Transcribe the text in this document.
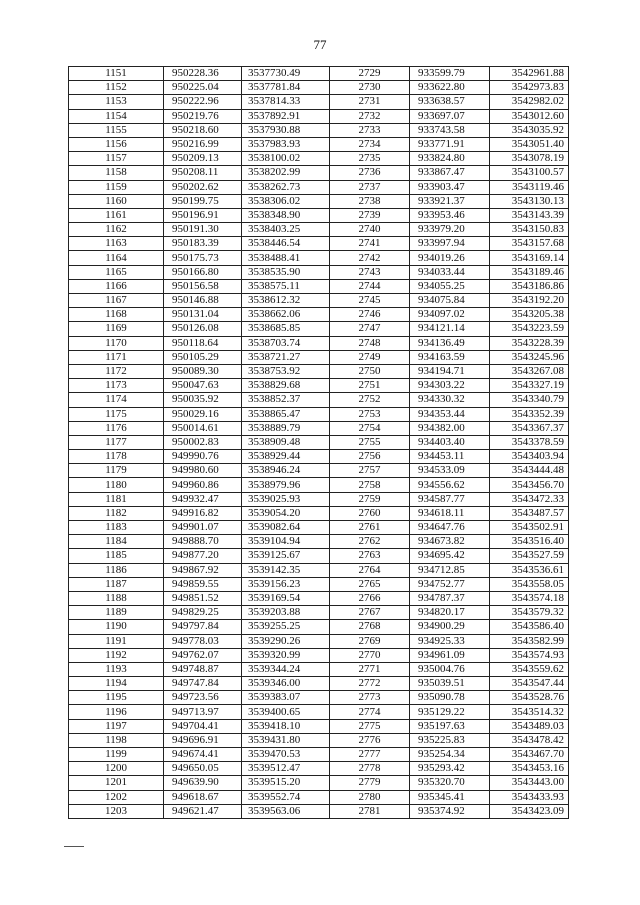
77
1151	950228.36	3537730.49	2729	933599.79	3542961.88
1152	950225.04	3537781.84	2730	933622.80	3542973.83
1153	950222.96	3537814.33	2731	933638.57	3542982.02
1154	950219.76	3537892.91	2732	933697.07	3543012.60
1155	950218.60	3537930.88	2733	933743.58	3543035.92
1156	950216.99	3537983.93	2734	933771.91	3543051.40
1157	950209.13	3538100.02	2735	933824.80	3543078.19
1158	950208.11	3538202.99	2736	933867.47	3543100.57
1159	950202.62	3538262.73	2737	933903.47	3543119.46
1160	950199.75	3538306.02	2738	933921.37	3543130.13
1161	950196.91	3538348.90	2739	933953.46	3543143.39
1162	950191.30	3538403.25	2740	933979.20	3543150.83
1163	950183.39	3538446.54	2741	933997.94	3543157.68
1164	950175.73	3538488.41	2742	934019.26	3543169.14
1165	950166.80	3538535.90	2743	934033.44	3543189.46
1166	950156.58	3538575.11	2744	934055.25	3543186.86
1167	950146.88	3538612.32	2745	934075.84	3543192.20
1168	950131.04	3538662.06	2746	934097.02	3543205.38
1169	950126.08	3538685.85	2747	934121.14	3543223.59
1170	950118.64	3538703.74	2748	934136.49	3543228.39
1171	950105.29	3538721.27	2749	934163.59	3543245.96
1172	950089.30	3538753.92	2750	934194.71	3543267.08
1173	950047.63	3538829.68	2751	934303.22	3543327.19
1174	950035.92	3538852.37	2752	934330.32	3543340.79
1175	950029.16	3538865.47	2753	934353.44	3543352.39
1176	950014.61	3538889.79	2754	934382.00	3543367.37
1177	950002.83	3538909.48	2755	934403.40	3543378.59
1178	949990.76	3538929.44	2756	934453.11	3543403.94
1179	949980.60	3538946.24	2757	934533.09	3543444.48
1180	949960.86	3538979.96	2758	934556.62	3543456.70
1181	949932.47	3539025.93	2759	934587.77	3543472.33
1182	949916.82	3539054.20	2760	934618.11	3543487.57
1183	949901.07	3539082.64	2761	934647.76	3543502.91
1184	949888.70	3539104.94	2762	934673.82	3543516.40
1185	949877.20	3539125.67	2763	934695.42	3543527.59
1186	949867.92	3539142.35	2764	934712.85	3543536.61
1187	949859.55	3539156.23	2765	934752.77	3543558.05
1188	949851.52	3539169.54	2766	934787.37	3543574.18
1189	949829.25	3539203.88	2767	934820.17	3543579.32
1190	949797.84	3539255.25	2768	934900.29	3543586.40
1191	949778.03	3539290.26	2769	934925.33	3543582.99
1192	949762.07	3539320.99	2770	934961.09	3543574.93
1193	949748.87	3539344.24	2771	935004.76	3543559.62
1194	949747.84	3539346.00	2772	935039.51	3543547.44
1195	949723.56	3539383.07	2773	935090.78	3543528.76
1196	949713.97	3539400.65	2774	935129.22	3543514.32
1197	949704.41	3539418.10	2775	935197.63	3543489.03
1198	949696.91	3539431.80	2776	935225.83	3543478.42
1199	949674.41	3539470.53	2777	935254.34	3543467.70
1200	949650.05	3539512.47	2778	935293.42	3543453.16
1201	949639.90	3539515.20	2779	935320.70	3543443.00
1202	949618.67	3539552.74	2780	935345.41	3543433.93
1203	949621.47	3539563.06	2781	935374.92	3543423.09
